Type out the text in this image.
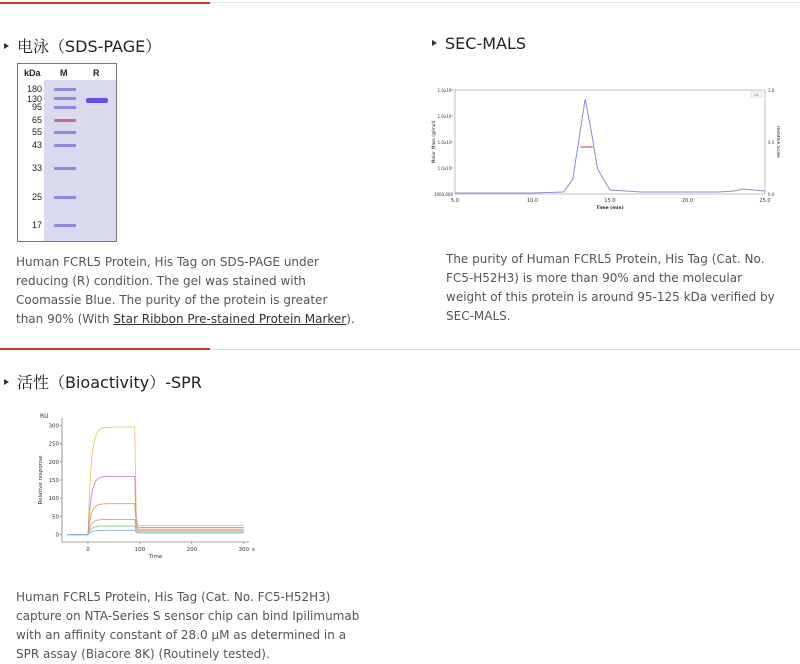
电泳（SDS-PAGE）
kDa M	R
180
130
95
65
55
43
33
25
17
Human FCRL5 Protein, His Tag on SDS-PAGE under reducing (R) condition. The gel was stained with Coomassie Blue. The purity of the protein is greater than 90% (With Star Ribbon Pre-stained Protein Marker).
SEC-MALS
5.0	10.0	15.0	20.0	25.0
1000.000
1.0x10⁵
1.0x10⁶
1.0x10⁷
1.0x10⁸
0.0
0.5
1.0
Time (min)
Molar Mass (g/mol)	Relative Scale
LS
The purity of Human FCRL5 Protein, His Tag (Cat. No. FC5-H52H3) is more than 90% and the molecular weight of this protein is around 95-125 kDa verified by SEC-MALS.
活性（Bioactivity）-SPR
RU
0
50
100
150
200
250
300
0	100	200	300 s
Time
Relative response
Human FCRL5 Protein, His Tag (Cat. No. FC5-H52H3) capture on NTA-Series S sensor chip can bind Ipilimumab with an affinity constant of 28.0 μM as determined in a SPR assay (Biacore 8K) (Routinely tested).
